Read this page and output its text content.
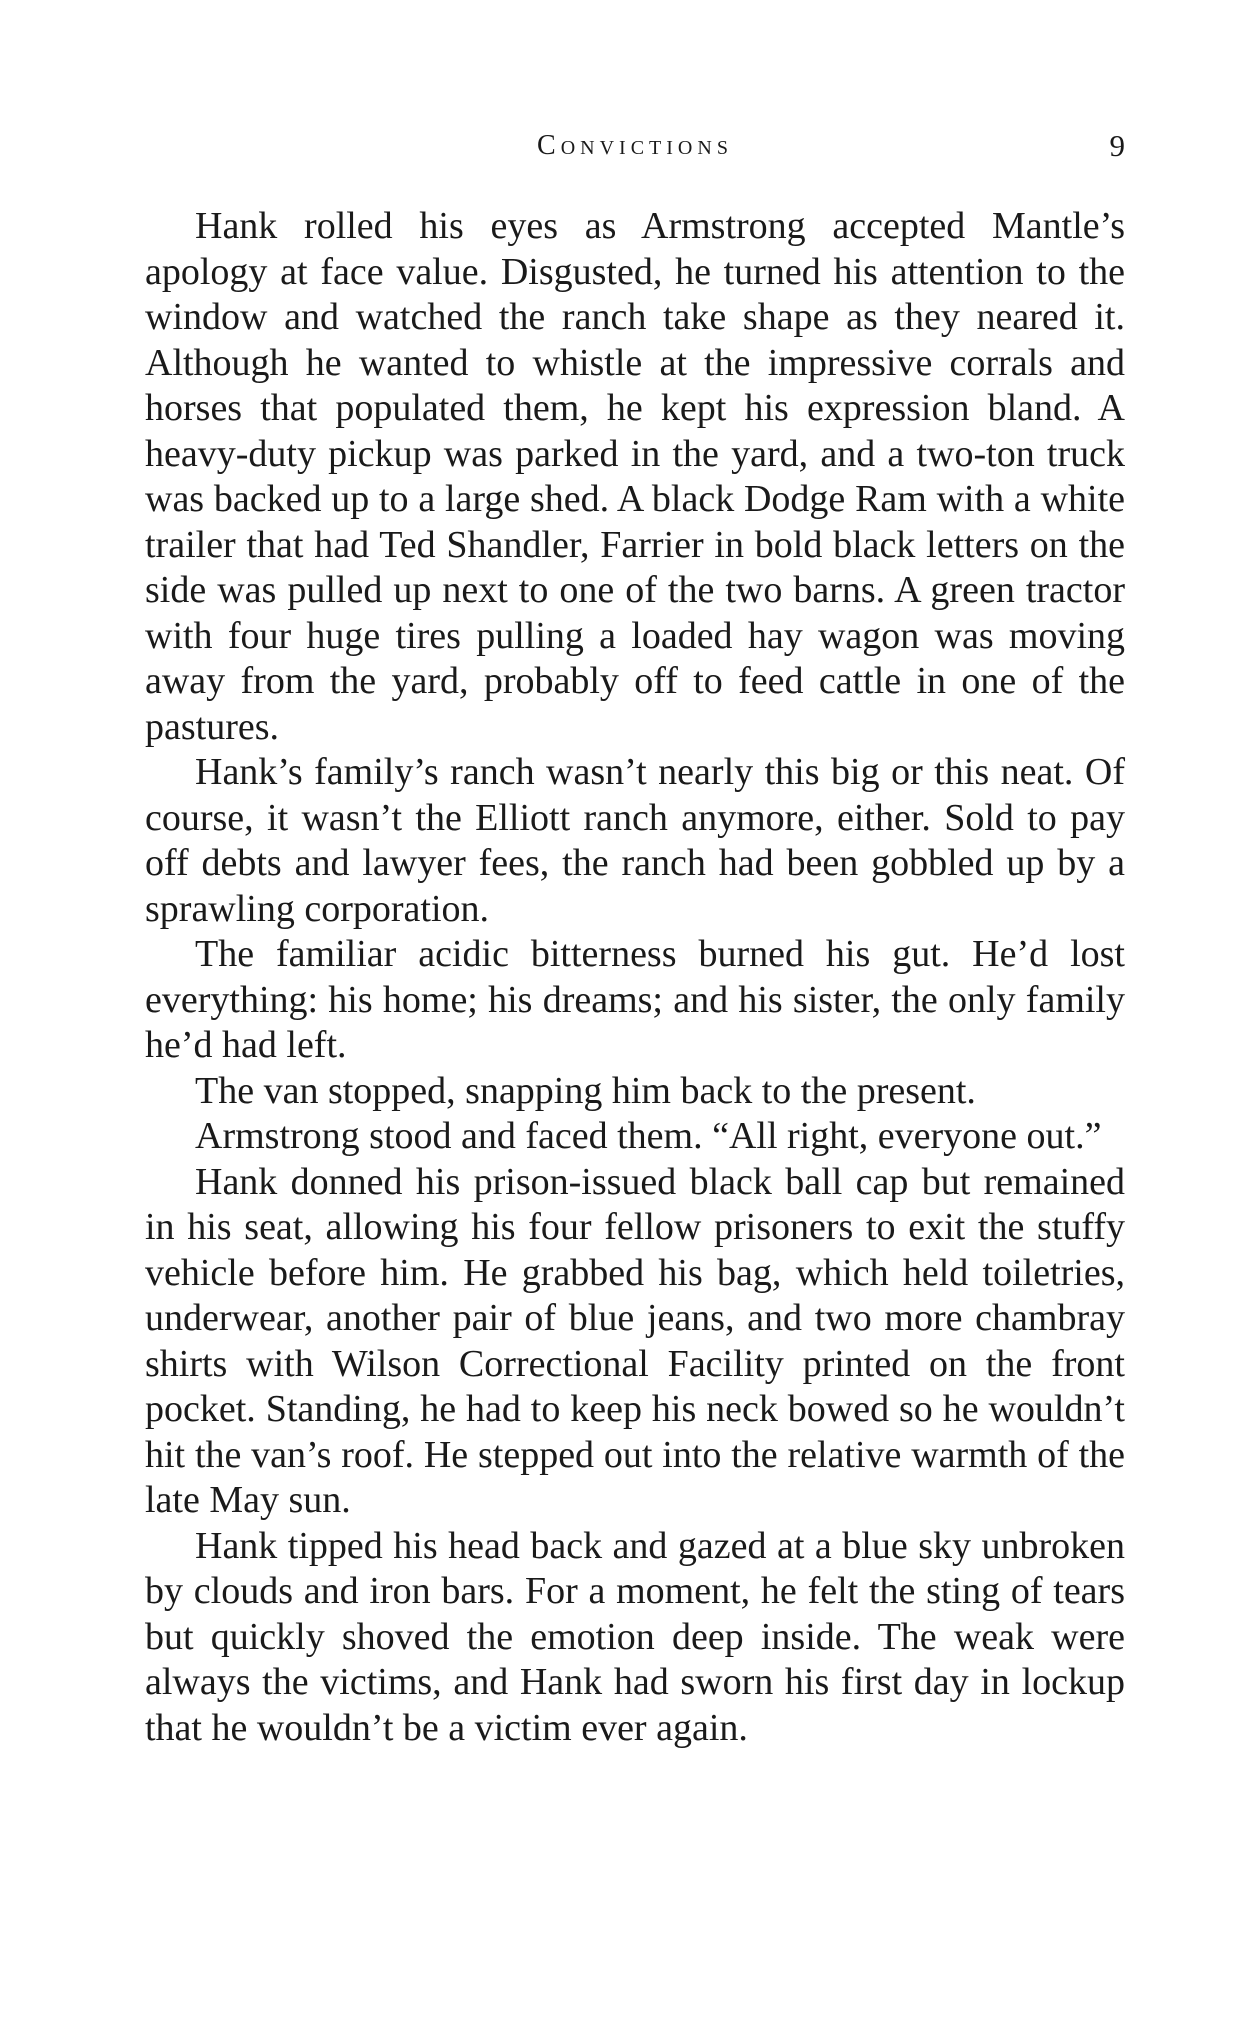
Convictions	9

Hank rolled his eyes as Armstrong accepted Mantle’s apology at face value. Disgusted, he turned his attention to the window and watched the ranch take shape as they neared it. Although he wanted to whistle at the impressive corrals and horses that populated them, he kept his expression bland. A heavy-duty pickup was parked in the yard, and a two-ton truck was backed up to a large shed. A black Dodge Ram with a white trailer that had Ted Shandler, Farrier in bold black letters on the side was pulled up next to one of the two barns. A green tractor with four huge tires pulling a loaded hay wagon was moving away from the yard, probably off to feed cattle in one of the pastures.

Hank’s family’s ranch wasn’t nearly this big or this neat. Of course, it wasn’t the Elliott ranch anymore, either. Sold to pay off debts and lawyer fees, the ranch had been gobbled up by a sprawling corporation.

The familiar acidic bitterness burned his gut. He’d lost everything: his home; his dreams; and his sister, the only family he’d had left.

The van stopped, snapping him back to the present.

Armstrong stood and faced them. “All right, everyone out.”

Hank donned his prison-issued black ball cap but remained in his seat, allowing his four fellow prisoners to exit the stuffy vehicle before him. He grabbed his bag, which held toiletries, underwear, another pair of blue jeans, and two more chambray shirts with Wilson Correctional Facility printed on the front pocket. Standing, he had to keep his neck bowed so he wouldn’t hit the van’s roof. He stepped out into the relative warmth of the late May sun.

Hank tipped his head back and gazed at a blue sky unbroken by clouds and iron bars. For a moment, he felt the sting of tears but quickly shoved the emotion deep inside. The weak were always the victims, and Hank had sworn his first day in lockup that he wouldn’t be a victim ever again.
